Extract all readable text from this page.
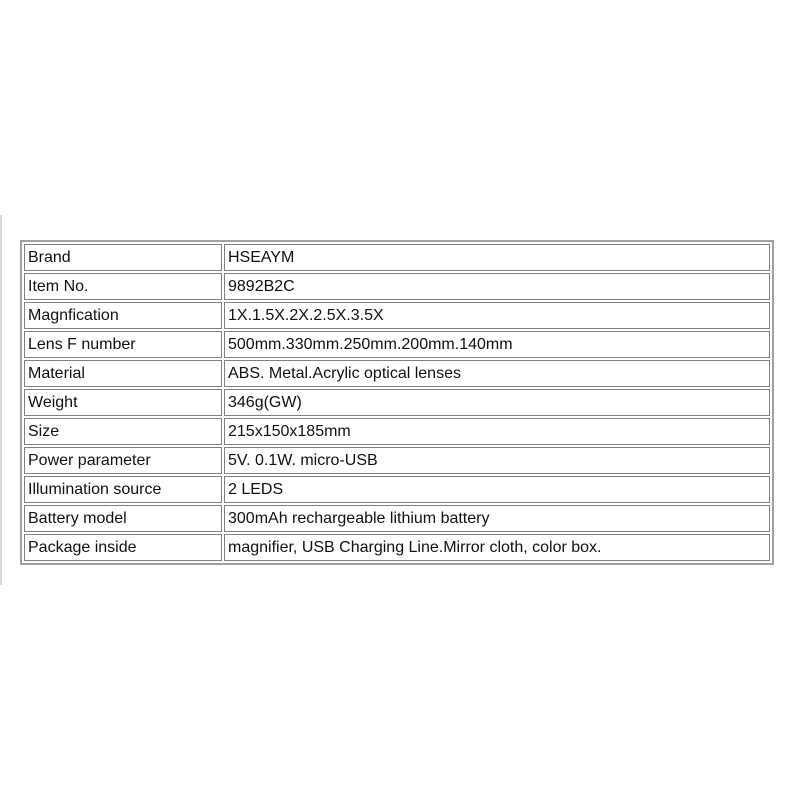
Brand	HSEAYM
Item No.	9892B2C
Magnfication	1X.1.5X.2X.2.5X.3.5X
Lens F number	500mm.330mm.250mm.200mm.140mm
Material	ABS. Metal.Acrylic optical lenses
Weight	346g(GW)
Size	215x150x185mm
Power parameter	5V. 0.1W. micro-USB
Illumination source	2 LEDS
Battery model	300mAh rechargeable lithium battery
Package inside	magnifier, USB Charging Line.Mirror cloth, color box.
